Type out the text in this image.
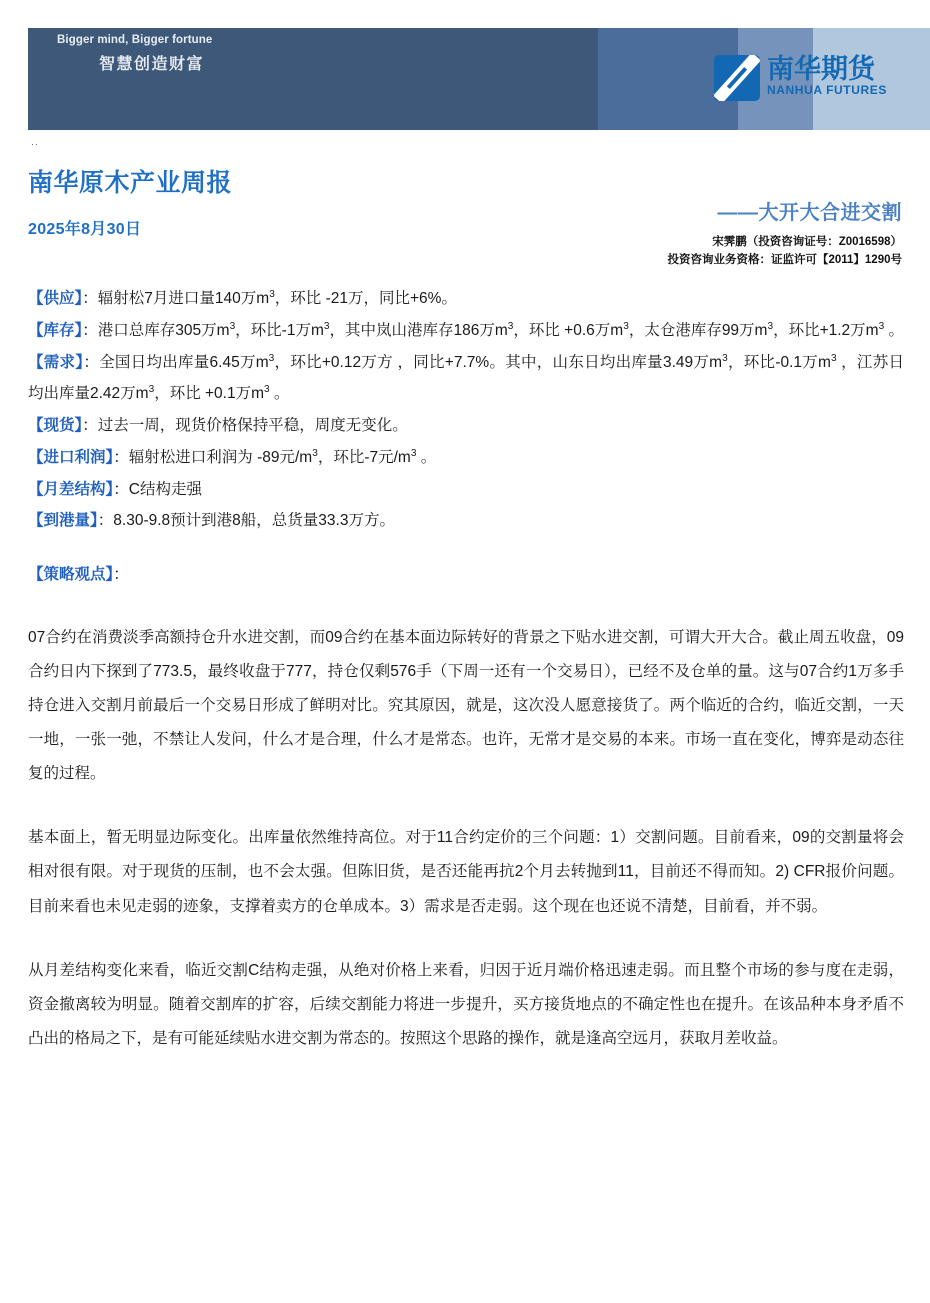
Bigger mind, Bigger fortune
智慧创造财富	南华期货
NANHUA FUTURES
··
南华原木产业周报
——大开大合进交割
2025年8月30日
宋霁鹏（投资咨询证号：Z0016598）
投资咨询业务资格：证监许可【2011】1290号
【供应】：辐射松7月进口量140万$m^3$，环比 -21万，同比+6%。
【库存】：港口总库存305万$m^3$，环比-1万$m^3$，其中岚山港库存186万$m^3$，环比 +0.6万$m^3$，太仓港库存99万$m^3$，环比+1.2万$m^3$ 。
【需求】：全国日均出库量6.45万$m^3$，环比+0.12万方 ，同比+7.7%。其中，山东日均出库量3.49万$m^3$，环比-0.1万$m^3$ ，江苏日均出库量2.42万$m^3$，环比 +0.1万$m^3$ 。
【现货】：过去一周，现货价格保持平稳，周度无变化。
【进口利润】：辐射松进口利润为 -89元$/m^3$，环比-7元$/m^3$ 。
【月差结构】：C结构走强
【到港量】：8.30-9.8预计到港8船，总货量33.3万方。
【策略观点】：
07合约在消费淡季高额持仓升水进交割，而09合约在基本面边际转好的背景之下贴水进交割，可谓大开大合。截止周五收盘，09合约日内下探到了773.5，最终收盘于777，持仓仅剩576手（下周一还有一个交易日），已经不及仓单的量。这与07合约1万多手持仓进入交割月前最后一个交易日形成了鲜明对比。究其原因，就是，这次没人愿意接货了。两个临近的合约，临近交割，一天一地，一张一弛，不禁让人发问，什么才是合理，什么才是常态。也许，无常才是交易的本来。市场一直在变化，博弈是动态往复的过程。
基本面上，暂无明显边际变化。出库量依然维持高位。对于11合约定价的三个问题：1）交割问题。目前看来，09的交割量将会相对很有限。对于现货的压制，也不会太强。但陈旧货，是否还能再抗2个月去转抛到11，目前还不得而知。2) CFR报价问题。目前来看也未见走弱的迹象，支撑着卖方的仓单成本。3）需求是否走弱。这个现在也还说不清楚，目前看，并不弱。
从月差结构变化来看，临近交割C结构走强，从绝对价格上来看，归因于近月端价格迅速走弱。而且整个市场的参与度在走弱，资金撤离较为明显。随着交割库的扩容，后续交割能力将进一步提升，买方接货地点的不确定性也在提升。在该品种本身矛盾不凸出的格局之下，是有可能延续贴水进交割为常态的。按照这个思路的操作，就是逢高空远月，获取月差收益。
